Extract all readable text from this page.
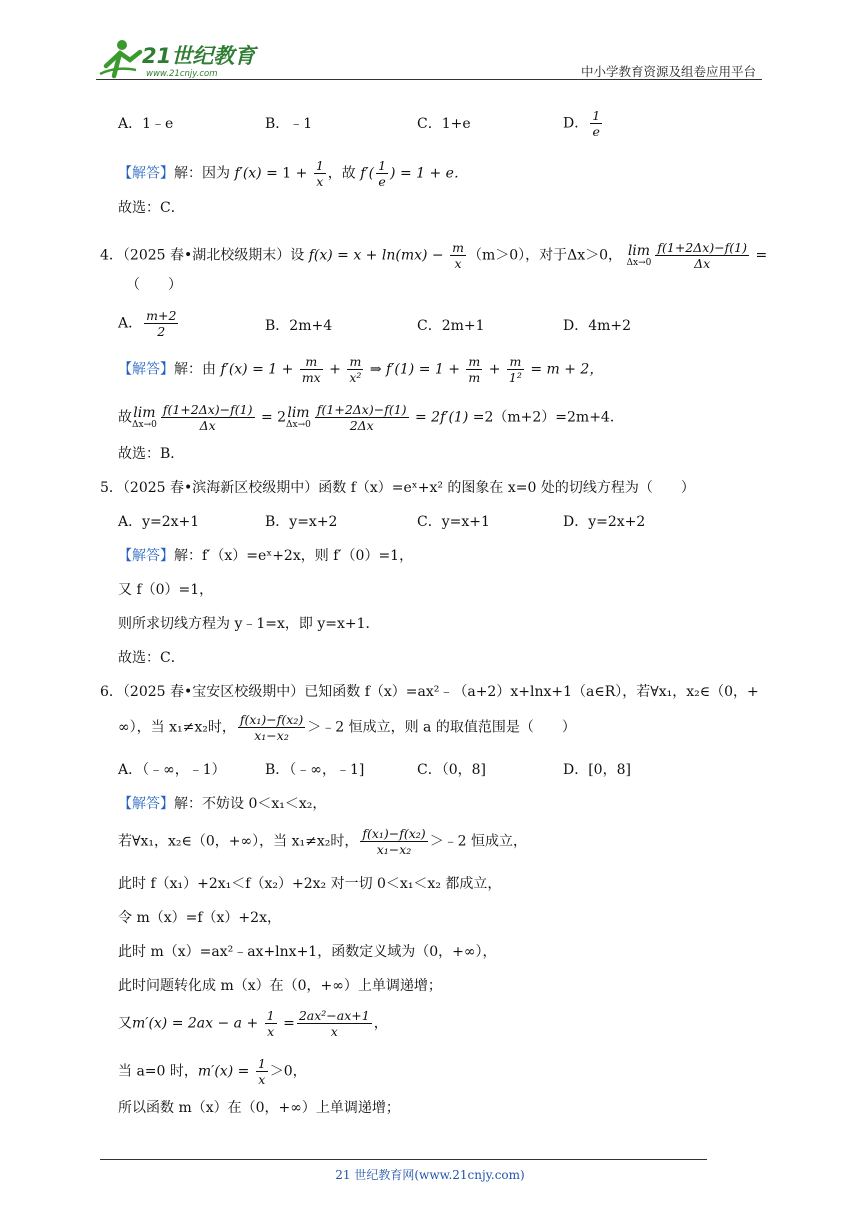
21世纪教育
www.21cnjy.com	中小学教育资源及组卷应用平台
A．1﹣e	B．﹣1	C．1+e	D． $\frac{1}{e}$
【解答】解：因为 $f'(x) = 1 + \frac{1}{x}$ ，故 $f'( \frac{1}{e}$ ) = 1 + e．
故选：C．
4．（2025 春•湖北校级期末）设 $f(x) = x + \ln(mx) - \frac{m}{x} (m>0)$，对于Δx＞0， lim
$\Delta x\to 0 \frac{f(1+2\Delta x)-f(1)}{\Delta x}$ =
（　　）
A． $\frac{m+2}{2}$	B．2m+4	C．2m+1	D．4m+2
【解答】解：由 $f'(x) = 1 + \frac{m}{mx} + \frac{m}{\text{x²}}$ ⇒ $f'(1) = 1 + \frac{m}{m} + \frac{m}{\text{1²}} = m + 2$，
故 lim
$\Delta x\to 0 \frac{f(1+2\Delta x)-f(1)}{\Delta x} = 2$ lim
$\Delta x\to 0 \frac{f(1+2\Delta x)-f(1)}{2\Delta x} = 2f'(1) =2(m+2)=2m+4$．
故选：B．
5．（2025 春•滨海新区校级期中）函数 f（x）=eˣ+x² 的图象在 x=0 处的切线方程为（　　）
A．y=2x+1	B．y=x+2	C．y=x+1	D．y=2x+2
【解答】解：f′（x）=eˣ+2x，则 f′（0）=1，
又 f（0）=1，
则所求切线方程为 y﹣1=x，即 y=x+1．
故选：C．
6．（2025 春•宝安区校级期中）已知函数 f（x）=ax²﹣（a+2）x+lnx+1（a∈R），若∀x₁，x₂∈（0，+
∞），当 x₁≠x₂时， $\frac{\text{f(x₁)−f(x₂)}}{\text{x₁−x₂}}$ ＞﹣2 恒成立，则 a 的取值范围是（　　）
A．（﹣∞，﹣1）	B．（﹣∞，﹣1]	C．（0，8]	D．[0，8]
【解答】解：不妨设 0＜x₁＜x₂，
若∀x₁，x₂∈（0，+∞），当 x₁≠x₂时， $\frac{\text{f(x₁)−f(x₂)}}{\text{x₁−x₂}}$ ＞﹣2 恒成立，
此时 f（x₁）+2x₁＜f（x₂）+2x₂ 对一切 0＜x₁＜x₂ 都成立，
令 m（x）=f（x）+2x，
此时 m（x）=ax²﹣ax+lnx+1，函数定义域为（0，+∞），
此时问题转化成 m（x）在（0，+∞）上单调递增；
又$m'(x) = 2ax - a + \frac{1}{x} = \frac{\text{2ax²−ax+1}}{x}$ ，
当 a=0 时，$m'(x) = \frac{1}{x} >0$，
所以函数 m（x）在（0，+∞）上单调递增；
21 世纪教育网(www.21cnjy.com)
